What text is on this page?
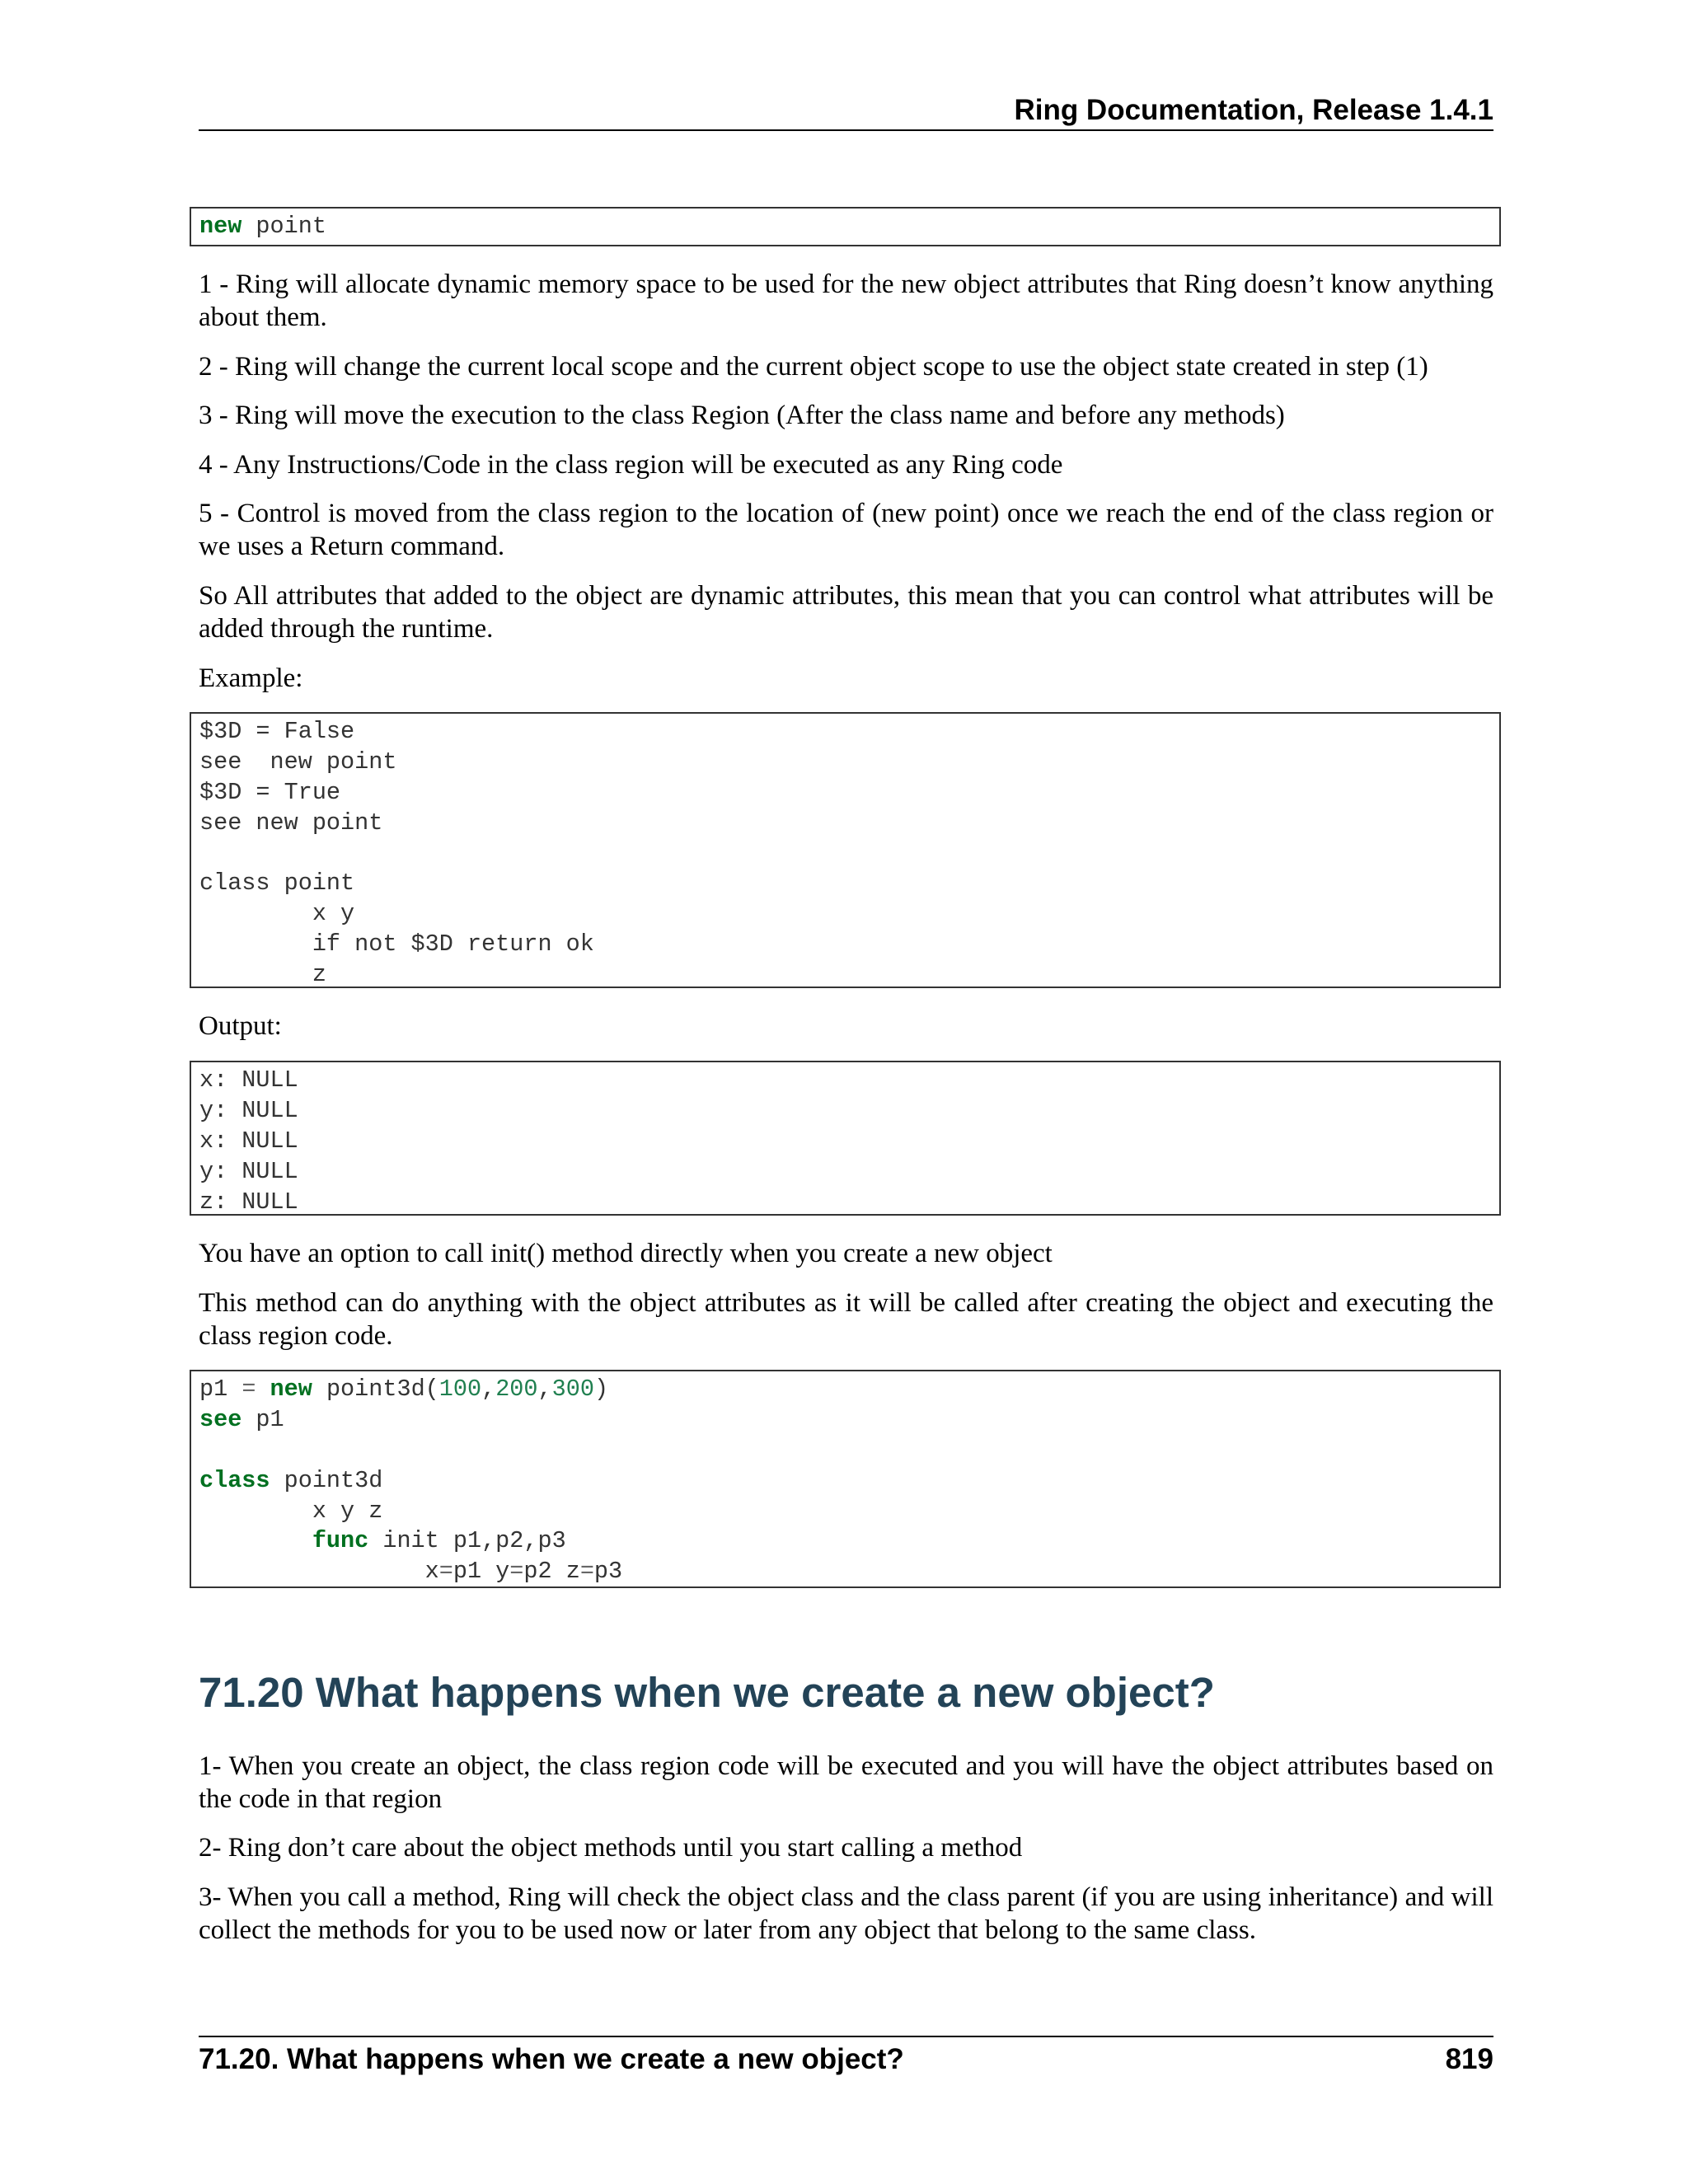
Ring Documentation, Release 1.4.1
new point

1 - Ring will allocate dynamic memory space to be used for the new object attributes that Ring doesn’t know anything about them.

2 - Ring will change the current local scope and the current object scope to use the object state created in step (1)

3 - Ring will move the execution to the class Region (After the class name and before any methods)

4 - Any Instructions/Code in the class region will be executed as any Ring code

5 - Control is moved from the class region to the location of (new point) once we reach the end of the class region or we uses a Return command.

So All attributes that added to the object are dynamic attributes, this mean that you can control what attributes will be added through the runtime.

Example:

$3D = False
see  new point
$3D = True
see new point
class point
x y
if not $3D return ok
z

Output:

x: NULL
y: NULL
x: NULL
y: NULL
z: NULL

You have an option to call init() method directly when you create a new object

This method can do anything with the object attributes as it will be called after creating the object and executing the class region code.

p1 = new point3d(100,200,300)
see p1
class point3d
x y z
func init p1,p2,p3
x=p1 y=p2 z=p3
71.20 What happens when we create a new object?

1- When you create an object, the class region code will be executed and you will have the object attributes based on the code in that region

2- Ring don’t care about the object methods until you start calling a method

3- When you call a method, Ring will check the object class and the class parent (if you are using inheritance) and will collect the methods for you to be used now or later from any object that belong to the same class.

71.20. What happens when we create a new object?	819
